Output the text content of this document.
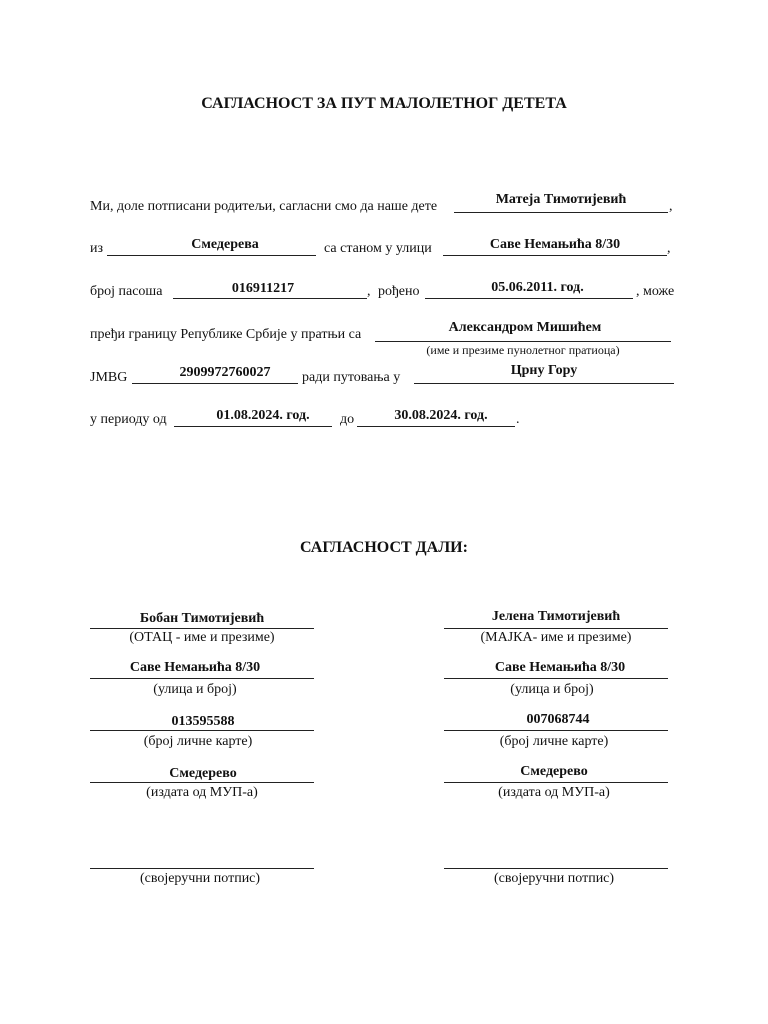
САГЛАСНОСТ ЗА ПУТ МАЛОЛЕТНОГ ДЕТЕТА
Ми, доле потписани родитељи, сагласни смо да наше дете	Матеја Тимотијевић	,
из	Смедерева	са станом у улици	Саве Немањића 8/30	,
број пасоша	016911217	, рођено	05.06.2011. год.	, може
пређи границу Републике Србије у пратњи са	Александром Мишићем
(име и презиме пунолетног пратиоца)
JMBG	2909972760027	ради путовања у	Црну Гору
у периоду од	01.08.2024. год.	до	30.08.2024. год.	.
САГЛАСНОСТ ДАЛИ:
Бобан Тимотијевић
(ОТАЦ - име и презиме)
Саве Немањића 8/30
(улица и број)
013595588
(број личне карте)
Смедерево
(издата од МУП-а)
(својеручни потпис)
Јелена Тимотијевић
(МАЈКА- име и презиме)
Саве Немањића 8/30
(улица и број)
007068744
(број личне карте)
Смедерево
(издата од МУП-а)
(својеручни потпис)
